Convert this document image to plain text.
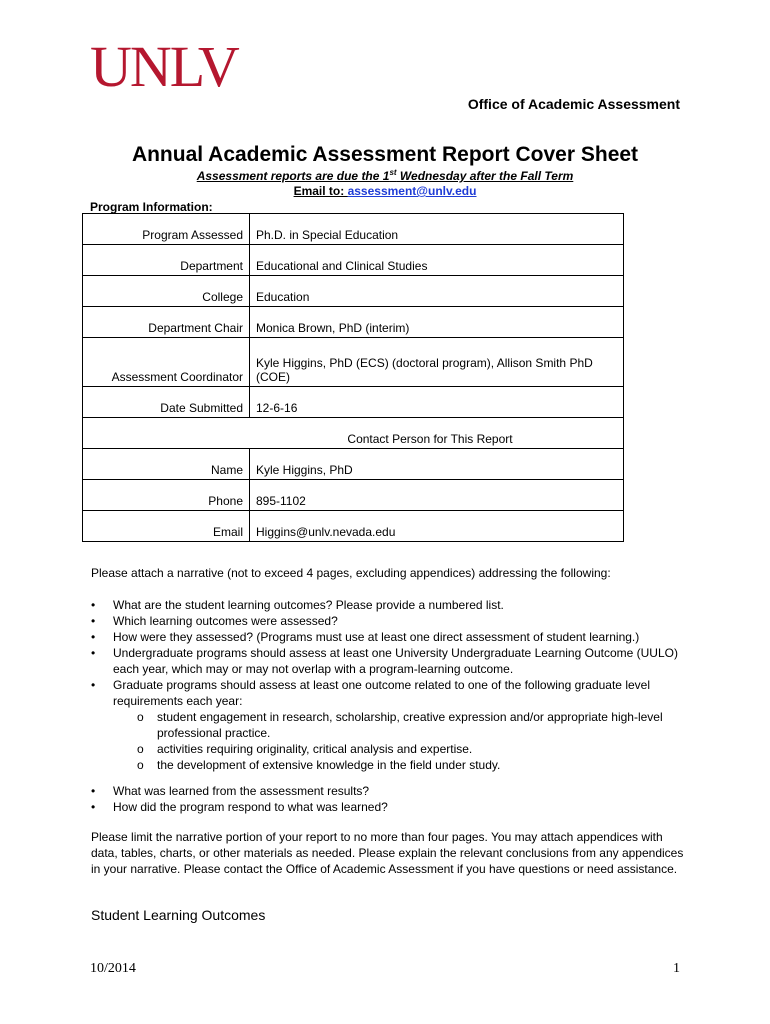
UNLV

Office of Academic Assessment

Annual Academic Assessment Report Cover Sheet
Assessment reports are due the 1st Wednesday after the Fall Term
Email to: assessment@unlv.edu
Program Information:
Program Assessed	Ph.D. in Special Education
Department	Educational and Clinical Studies
College	Education
Department Chair	Monica Brown, PhD (interim)
Assessment Coordinator	Kyle Higgins, PhD (ECS) (doctoral program), Allison Smith PhD (COE)
Date Submitted	12-6-16
Contact Person for This Report	
Name	Kyle Higgins, PhD
Phone	895-1102
Email	Higgins@unlv.nevada.edu

Please attach a narrative (not to exceed 4 pages, excluding appendices) addressing the following:

• What are the student learning outcomes? Please provide a numbered list.
• Which learning outcomes were assessed?
• How were they assessed? (Programs must use at least one direct assessment of student learning.)
• Undergraduate programs should assess at least one University Undergraduate Learning Outcome (UULO) each year, which may or may not overlap with a program-learning outcome.
• Graduate programs should assess at least one outcome related to one of the following graduate level requirements each year:
o student engagement in research, scholarship, creative expression and/or appropriate high-level professional practice.
o activities requiring originality, critical analysis and expertise.
o the development of extensive knowledge in the field under study.
• What was learned from the assessment results?
• How did the program respond to what was learned?

Please limit the narrative portion of your report to no more than four pages. You may attach appendices with data, tables, charts, or other materials as needed. Please explain the relevant conclusions from any appendices in your narrative. Please contact the Office of Academic Assessment if you have questions or need assistance.

Student Learning Outcomes
10/2014	1
